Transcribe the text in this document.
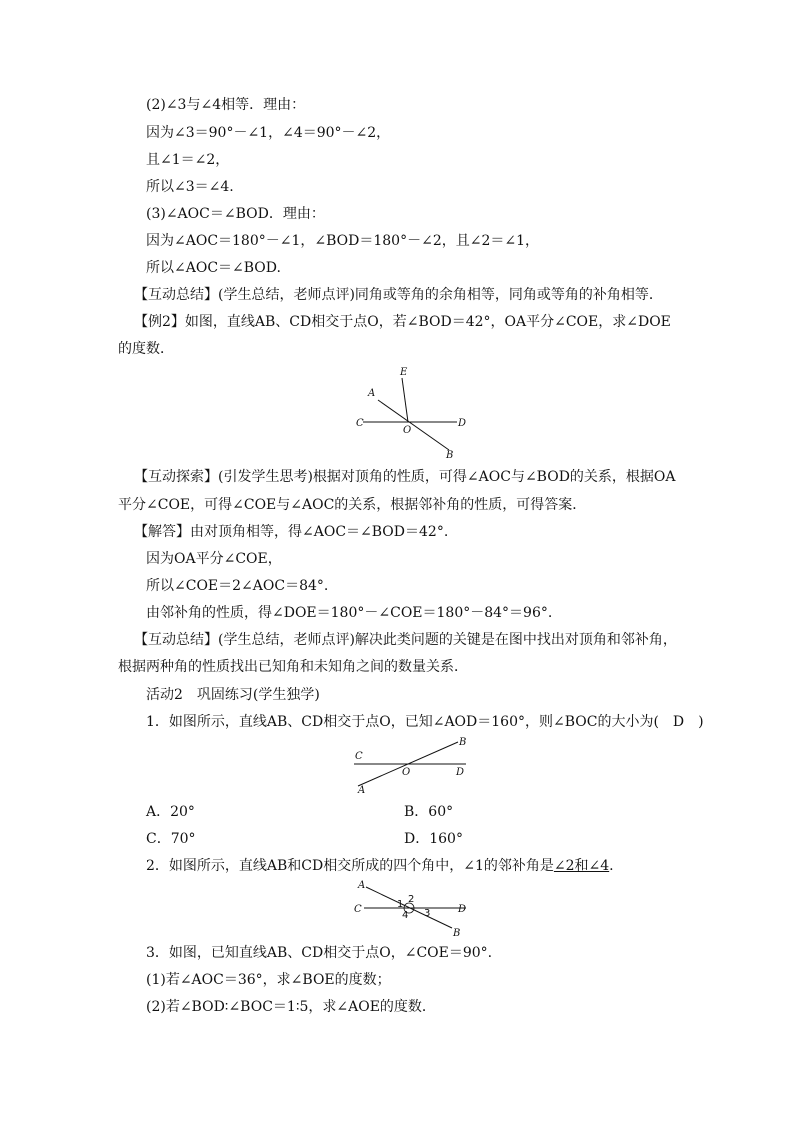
(2)∠3与∠4相等．理由：
因为∠3＝90°－∠1，∠4＝90°－∠2，
且∠1＝∠2，
所以∠3＝∠4.
(3)∠AOC＝∠BOD．理由：
因为∠AOC＝180°－∠1，∠BOD＝180°－∠2，且∠2＝∠1，
所以∠AOC＝∠BOD.
【互动总结】(学生总结，老师点评)同角或等角的余角相等，同角或等角的补角相等．
【例2】如图，直线AB、CD相交于点O，若∠BOD＝42°，OA平分∠COE，求∠DOE
的度数．
A
E
C	D
O
B
【互动探索】(引发学生思考)根据对顶角的性质，可得∠AOC与∠BOD的关系，根据OA
平分∠COE，可得∠COE与∠AOC的关系，根据邻补角的性质，可得答案．
【解答】由对顶角相等，得∠AOC＝∠BOD＝42°.
因为OA平分∠COE，
所以∠COE＝2∠AOC＝84°.
由邻补角的性质，得∠DOE＝180°－∠COE＝180°－84°＝96°.
【互动总结】(学生总结，老师点评)解决此类问题的关键是在图中找出对顶角和邻补角，
根据两种角的性质找出已知角和未知角之间的数量关系．
活动2　巩固练习(学生独学)
1．如图所示，直线AB、CD相交于点O，已知∠AOD＝160°，则∠BOC的大小为(　D　)
C
B
O	D
A
A．20°	B．60°
C．70°	D．160°
2．如图所示，直线AB和CD相交所成的四个角中，∠1的邻补角是∠2和∠4.
A
C	D
B
1 2
3
4
3．如图，已知直线AB、CD相交于点O，∠COE＝90°.
(1)若∠AOC＝36°，求∠BOE的度数；
(2)若∠BOD∶∠BOC＝1∶5，求∠AOE的度数．
